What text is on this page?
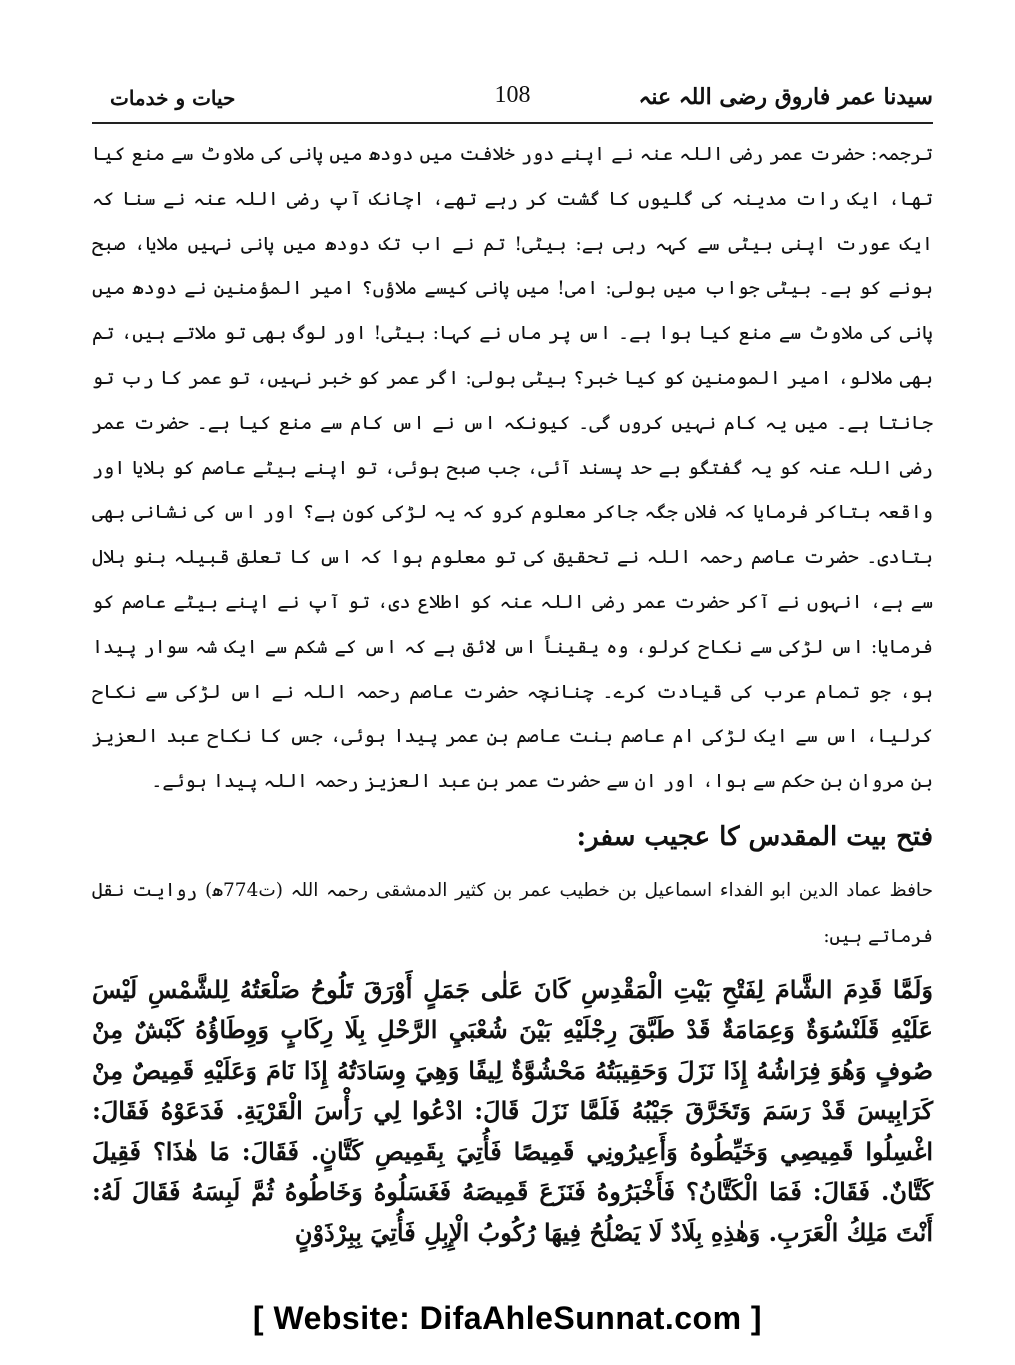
سیدنا عمر فاروق رضی اللہ عنہ
108
حیات و خدمات

ترجمہ: حضرت عمر رضی اللہ عنہ نے اپنے دور خلافت میں دودھ میں پانی کی ملاوٹ سے منع کیا تھا، ایک رات مدینہ کی گلیوں کا گشت کر رہے تھے، اچانک آپ رضی اللہ عنہ نے سنا کہ ایک عورت اپنی بیٹی سے کہہ رہی ہے: بیٹی! تم نے اب تک دودھ میں پانی نہیں ملایا، صبح ہونے کو ہے۔ بیٹی جواب میں بولی: امی! میں پانی کیسے ملاؤں؟ امیر المؤمنین نے دودھ میں پانی کی ملاوٹ سے منع کیا ہوا ہے۔ اس پر ماں نے کہا: بیٹی! اور لوگ بھی تو ملاتے ہیں، تم بھی ملالو، امیر المومنین کو کیا خبر؟ بیٹی بولی: اگر عمر کو خبر نہیں، تو عمر کا رب تو جانتا ہے۔ میں یہ کام نہیں کروں گی۔ کیونکہ اس نے اس کام سے منع کیا ہے۔ حضرت عمر رضی اللہ عنہ کو یہ گفتگو بے حد پسند آئی، جب صبح ہوئی، تو اپنے بیٹے عاصم کو بلایا اور واقعہ بتاکر فرمایا کہ فلاں جگہ جاکر معلوم کرو کہ یہ لڑکی کون ہے؟ اور اس کی نشانی بھی بتادی۔ حضرت عاصم رحمہ اللہ نے تحقیق کی تو معلوم ہوا کہ اس کا تعلق قبیلہ بنو ہلال سے ہے، انہوں نے آکر حضرت عمر رضی اللہ عنہ کو اطلاع دی، تو آپ نے اپنے بیٹے عاصم کو فرمایا: اس لڑکی سے نکاح کرلو، وہ یقیناً اس لائق ہے کہ اس کے شکم سے ایک شہ سوار پیدا ہو، جو تمام عرب کی قیادت کرے۔ چنانچہ حضرت عاصم رحمہ اللہ نے اس لڑکی سے نکاح کرلیا، اس سے ایک لڑکی ام عاصم بنت عاصم بن عمر پیدا ہوئی، جس کا نکاح عبد العزیز بن مروان بن حکم سے ہوا، اور ان سے حضرت عمر بن عبد العزیز رحمہ اللہ پیدا ہوئے۔

فتح بیت المقدس کا عجیب سفر:

حافظ عماد الدین ابو الفداء اسماعیل بن خطیب عمر بن کثیر الدمشقی رحمہ اللہ (ت774ھ) روایت نقل فرماتے ہیں:

وَلَمَّا قَدِمَ الشَّامَ لِفَتْحِ بَيْتِ الْمَقْدِسِ كَانَ عَلٰى جَمَلٍ أَوْرَقَ تَلُوحُ صَلْعَتُهُ لِلشَّمْسِ لَيْسَ عَلَيْهِ قَلَنْسُوَةٌ وَعِمَامَةٌ قَدْ طَبَّقَ رِجْلَيْهِ بَيْنَ شُعْبَيِ الرَّحْلِ بِلَا رِكَابٍ وَوِطَاؤُهُ كَبْشٌ مِنْ صُوفٍ وَهُوَ فِرَاشُهُ إِذَا نَزَلَ وَحَقِيبَتُهُ مَحْشُوَّةٌ لِيفًا وَهِيَ وِسَادَتُهُ إِذَا نَامَ وَعَلَيْهِ قَمِيصٌ مِنْ كَرَابِيسَ قَدْ رَسَمَ وَتَخَرَّقَ جَيْبُهُ فَلَمَّا نَزَلَ قَالَ: ادْعُوا لِي رَأْسَ الْقَرْيَةِ. فَدَعَوْهُ فَقَالَ: اغْسِلُوا قَمِيصِي وَخَيِّطُوهُ وَأَعِيرُونِي قَمِيصًا فَأُتِيَ بِقَمِيصِ كَتَّانٍ. فَقَالَ: مَا هٰذَا؟ فَقِيلَ كَتَّانٌ. فَقَالَ: فَمَا الْكَتَّانُ؟ فَأَخْبَرُوهُ فَنَزَعَ قَمِيصَهُ فَغَسَلُوهُ وَخَاطُوهُ ثُمَّ لَبِسَهُ فَقَالَ لَهُ: أَنْتَ مَلِكُ الْعَرَبِ. وَهٰذِهِ بِلَادٌ لَا يَصْلُحُ فِيهَا رُكُوبُ الْإِبِلِ فَأُتِيَ بِبِرْذَوْنٍ

[ Website: DifaAhleSunnat.com ]
